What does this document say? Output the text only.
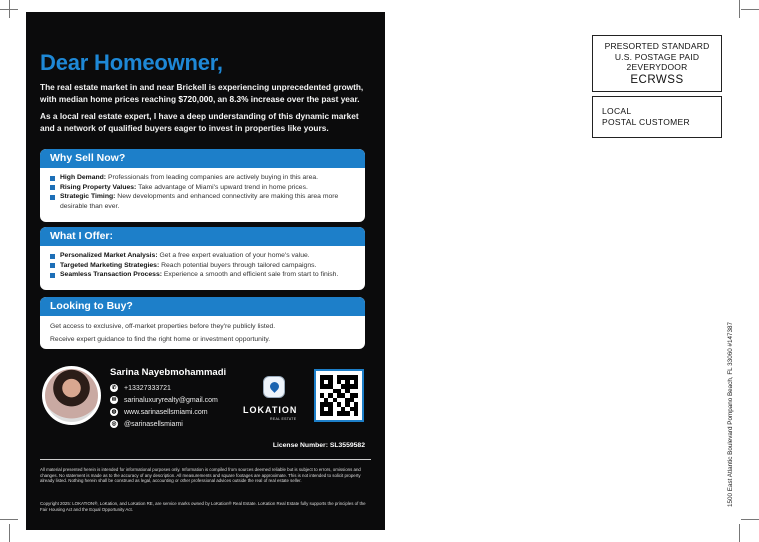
Dear Homeowner,
The real estate market in and near Brickell is experiencing unprecedented growth, with median home prices reaching $720,000, an 8.3% increase over the past year.
As a local real estate expert, I have a deep understanding of this dynamic market and a network of qualified buyers eager to invest in properties like yours.
Why Sell Now?
High Demand: Professionals from leading companies are actively buying in this area.
Rising Property Values: Take advantage of Miami's upward trend in home prices.
Strategic Timing: New developments and enhanced connectivity are making this area more desirable than ever.
What I Offer:
Personalized Market Analysis: Get a free expert evaluation of your home's value.
Targeted Marketing Strategies: Reach potential buyers through tailored campaigns.
Seamless Transaction Process: Experience a smooth and efficient sale from start to finish.
Looking to Buy?
Get access to exclusive, off-market properties before they're publicly listed.
Receive expert guidance to find the right home or investment opportunity.
Sarina Nayebmohammadi
✆ +13327333721
✉ sarinaluxuryrealty@gmail.com
◍ www.sarinasellsmiami.com
◎ @sarinasellsmiami
LOKATION
REAL ESTATE
License Number: SL3559582
All material presented herein is intended for informational purposes only. Information is compiled from sources deemed reliable but is subject to errors, omissions and changes. No statement is made as to the accuracy of any description. All measurements and square footages are approximate. This is not intended to solicit property already listed. Nothing herein shall be construed as legal, accounting or other professional advices outside the real of real estate seller.
Copyright 2025: LOKATION®, LoKation, and LoKation RE, are service marks owned by LoKation® Real Estate. LoKation Real Estate fully supports the principles of the Fair Housing Act and the Equal Opportunity Act.
PRESORTED STANDARD
U.S. POSTAGE PAID
2EVERYDOOR
ECRWSS
LOCAL
POSTAL CUSTOMER
1500 East Atlantic Boulevard Pompano Beach, FL 33060 #147387
